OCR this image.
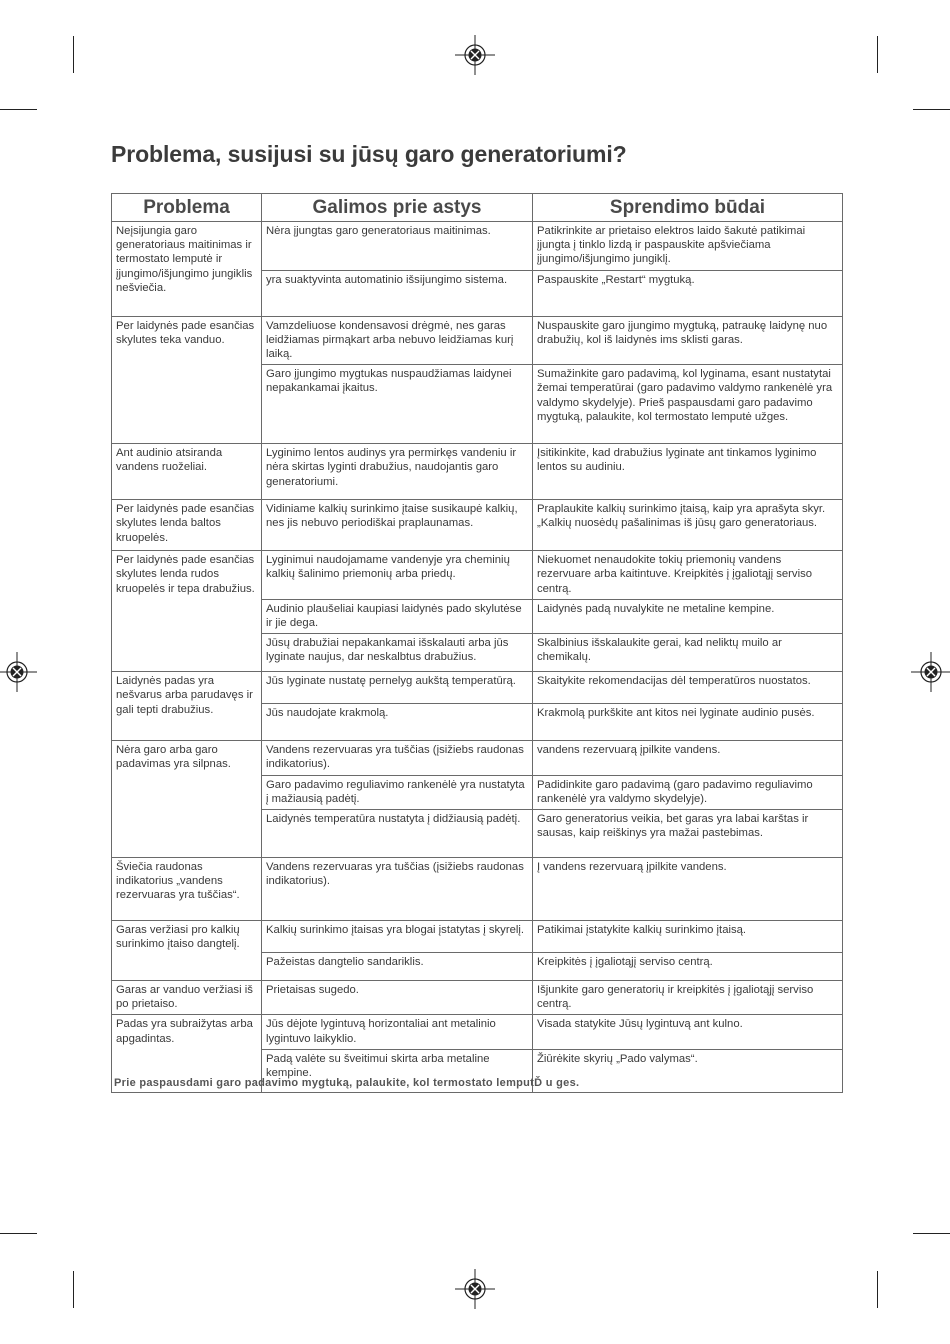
Problema, susijusi su jūsų garo generatoriumi?
Problema	Galimos prie astys	Sprendimo būdai
Neįsijungia garo generatoriaus maitinimas ir termostato lemputė ir įjungimo/išjungimo jungiklis nešviečia.	Nėra įjungtas garo generatoriaus maitinimas.	Patikrinkite ar prietaiso elektros laido šakutė patikimai įjungta į tinklo lizdą ir paspauskite apšviečiama įjungimo/išjungimo jungiklį.
	yra suaktyvinta automatinio išsijungimo sistema.	Paspauskite „Restart“ mygtuką.
Per laidynės pade esančias skylutes teka vanduo.	Vamzdeliuose kondensavosi drėgmė, nes garas leidžiamas pirmąkart arba nebuvo leidžiamas kurį laiką.	Nuspauskite garo įjungimo mygtuką, patraukę laidynę nuo drabužių, kol iš laidynės ims sklisti garas.
	Garo įjungimo mygtukas nuspaudžiamas laidynei nepakankamai įkaitus.	Sumažinkite garo padavimą, kol lyginama, esant nustatytai žemai temperatūrai (garo padavimo valdymo rankenėlė yra valdymo skydelyje). Prieš paspausdami garo padavimo mygtuką, palaukite, kol termostato lemputė užges.
Ant audinio atsiranda vandens ruoželiai.	Lyginimo lentos audinys yra permirkęs vandeniu ir nėra skirtas lyginti drabužius, naudojantis garo generatoriumi.	Įsitikinkite, kad drabužius lyginate ant tinkamos lyginimo lentos su audiniu.
Per laidynės pade esančias skylutes lenda baltos kruopelės.	Vidiniame kalkių surinkimo įtaise susikaupė kalkių, nes jis nebuvo periodiškai praplaunamas.	Praplaukite kalkių surinkimo įtaisą, kaip yra aprašyta skyr. „Kalkių nuosėdų pašalinimas iš jūsų garo generatoriaus.
Per laidynės pade esančias skylutes lenda rudos kruopelės ir tepa drabužius.	Lyginimui naudojamame vandenyje yra cheminių kalkių šalinimo priemonių arba priedų.	Niekuomet nenaudokite tokių priemonių vandens rezervuare arba kaitintuve. Kreipkitės į įgaliotąjį serviso centrą.
	Audinio plaušeliai kaupiasi laidynės pado skylutėse ir jie dega.	Laidynės padą nuvalykite ne metaline kempine.
	Jūsų drabužiai nepakankamai išskalauti arba jūs lyginate naujus, dar neskalbtus drabužius.	Skalbinius išskalaukite gerai, kad neliktų muilo ar chemikalų.
Laidynės padas yra nešvarus arba parudavęs ir gali tepti drabužius.	Jūs lyginate nustatę pernelyg aukštą temperatūrą.	Skaitykite rekomendacijas dėl temperatūros nuostatos.
	Jūs naudojate krakmolą.	Krakmolą purkškite ant kitos nei lyginate audinio pusės.
Nėra garo arba garo padavimas yra silpnas.	Vandens rezervuaras yra tuščias (įsižiebs raudonas indikatorius).	vandens rezervuarą įpilkite vandens.
	Garo padavimo reguliavimo rankenėlė yra nustatyta į mažiausią padėtį.	Padidinkite garo padavimą (garo padavimo reguliavimo rankenėlė yra valdymo skydelyje).
	Laidynės temperatūra nustatyta į didžiausią padėtį.	Garo generatorius veikia, bet garas yra labai karštas ir sausas, kaip reiškinys yra mažai pastebimas.
Šviečia raudonas indikatorius „vandens rezervuaras yra tuščias“.	Vandens rezervuaras yra tuščias (įsižiebs raudonas indikatorius).	Į vandens rezervuarą įpilkite vandens.
Garas veržiasi pro kalkių surinkimo įtaiso dangtelį.	Kalkių surinkimo įtaisas yra blogai įstatytas į skyrelį.	Patikimai įstatykite kalkių surinkimo įtaisą.
	Pažeistas dangtelio sandariklis.	Kreipkitės į įgaliotąjį serviso centrą.
Garas ar vanduo veržiasi iš po prietaiso.	Prietaisas sugedo.	Išjunkite garo generatorių ir kreipkitės į įgaliotąjį serviso centrą.
Padas yra subraižytas arba apgadintas.	Jūs dėjote lygintuvą horizontaliai ant metalinio lygintuvo laikyklio.	Visada statykite Jūsų lygintuvą ant kulno.
	Padą valėte su šveitimui skirta arba metaline kempine.	Žiūrėkite skyrių „Pado valymas“.

Prie paspausdami garo padavimo mygtuką, palaukite, kol termostato lemputĎ u ges.
